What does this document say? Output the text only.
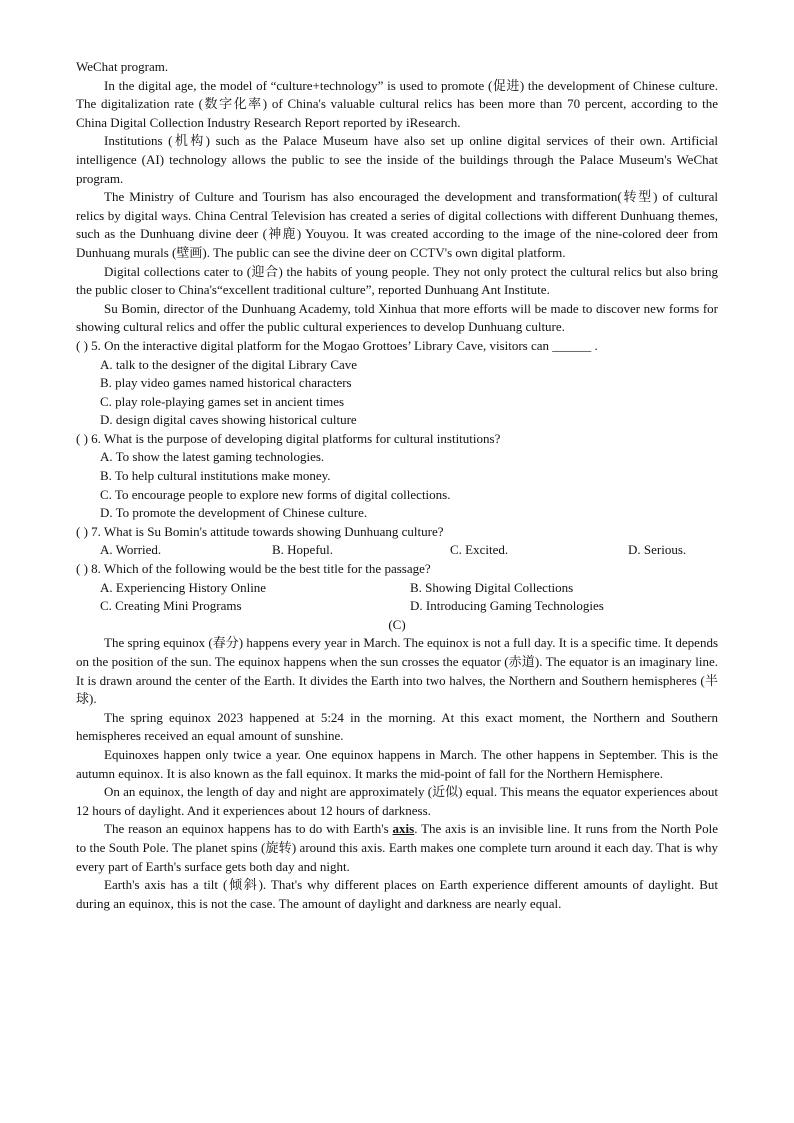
WeChat program.

In the digital age, the model of “culture+technology” is used to promote (促进) the development of Chinese culture. The digitalization rate (数字化率) of China's valuable cultural relics has been more than 70 percent, according to the China Digital Collection Industry Research Report reported by iResearch.

Institutions (机构) such as the Palace Museum have also set up online digital services of their own. Artificial intelligence (AI) technology allows the public to see the inside of the buildings through the Palace Museum's WeChat program.

The Ministry of Culture and Tourism has also encouraged the development and transformation(转型) of cultural relics by digital ways. China Central Television has created a series of digital collections with different Dunhuang themes, such as the Dunhuang divine deer (神鹿) Youyou. It was created according to the image of the nine-colored deer from Dunhuang murals (壁画). The public can see the divine deer on CCTV's own digital platform.

Digital collections cater to (迎合) the habits of young people. They not only protect the cultural relics but also bring the public closer to China's“excellent traditional culture”, reported Dunhuang Ant Institute.

Su Bomin, director of the Dunhuang Academy, told Xinhua that more efforts will be made to discover new forms for showing cultural relics and offer the public cultural experiences to develop Dunhuang culture.

( ) 5. On the interactive digital platform for the Mogao Grottoes’ Library Cave, visitors can ______ .

A. talk to the designer of the digital Library Cave

B. play video games named historical characters

C. play role-playing games set in ancient times

D. design digital caves showing historical culture

( ) 6. What is the purpose of developing digital platforms for cultural institutions?

A. To show the latest gaming technologies.

B. To help cultural institutions make money.

C. To encourage people to explore new forms of digital collections.

D. To promote the development of Chinese culture.

( ) 7. What is Su Bomin's attitude towards showing Dunhuang culture?

A. Worried.	B. Hopeful.	C. Excited.	D. Serious.

( ) 8. Which of the following would be the best title for the passage?

A. Experiencing History Online	B. Showing Digital Collections
C. Creating Mini Programs	D. Introducing Gaming Technologies

(C)

The spring equinox (春分) happens every year in March. The equinox is not a full day. It is a specific time. It depends on the position of the sun. The equinox happens when the sun crosses the equator (赤道). The equator is an imaginary line. It is drawn around the center of the Earth. It divides the Earth into two halves, the Northern and Southern hemispheres (半球).

The spring equinox 2023 happened at 5:24 in the morning. At this exact moment, the Northern and Southern hemispheres received an equal amount of sunshine.

Equinoxes happen only twice a year. One equinox happens in March. The other happens in September. This is the autumn equinox. It is also known as the fall equinox. It marks the mid-point of fall for the Northern Hemisphere.

On an equinox, the length of day and night are approximately (近似) equal. This means the equator experiences about 12 hours of daylight. And it experiences about 12 hours of darkness.

The reason an equinox happens has to do with Earth's axis. The axis is an invisible line. It runs from the North Pole to the South Pole. The planet spins (旋转) around this axis. Earth makes one complete turn around it each day. That is why every part of Earth's surface gets both day and night.

Earth's axis has a tilt (倾斜). That's why different places on Earth experience different amounts of daylight. But during an equinox, this is not the case. The amount of daylight and darkness are nearly equal.
